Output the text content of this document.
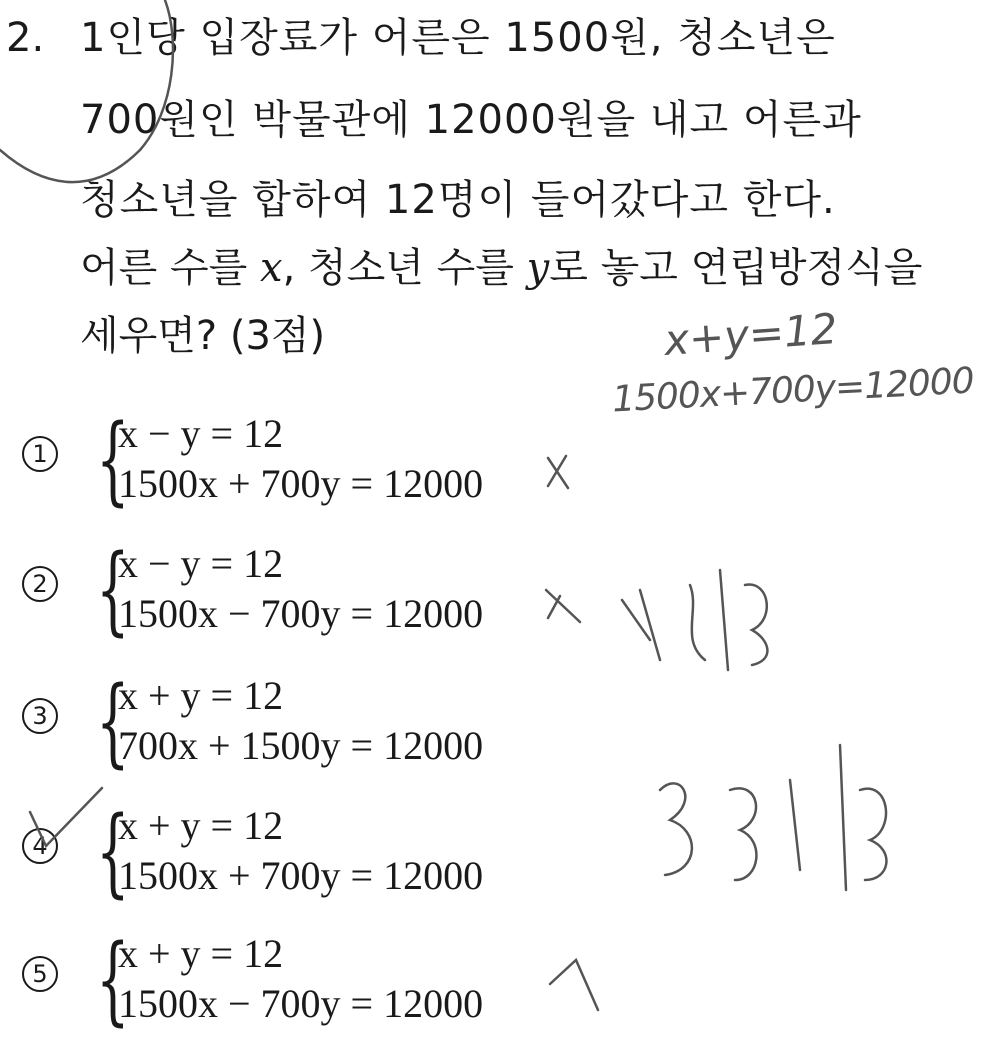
2. 1인당 입장료가 어른은 1500원, 청소년은
700원인 박물관에 12000원을 내고 어른과
청소년을 합하여 12명이 들어갔다고 한다.
어른 수를 x, 청소년 수를 y로 놓고 연립방정식을
세우면? (3점)
1 {
x − y = 12
1500x + 700y = 12000
2 {
x − y = 12
1500x − 700y = 12000
3 {
x + y = 12
700x + 1500y = 12000
4 {
x + y = 12
1500x + 700y = 12000
5 {
x + y = 12
1500x − 700y = 12000
x+y=12
1500x+700y=12000
